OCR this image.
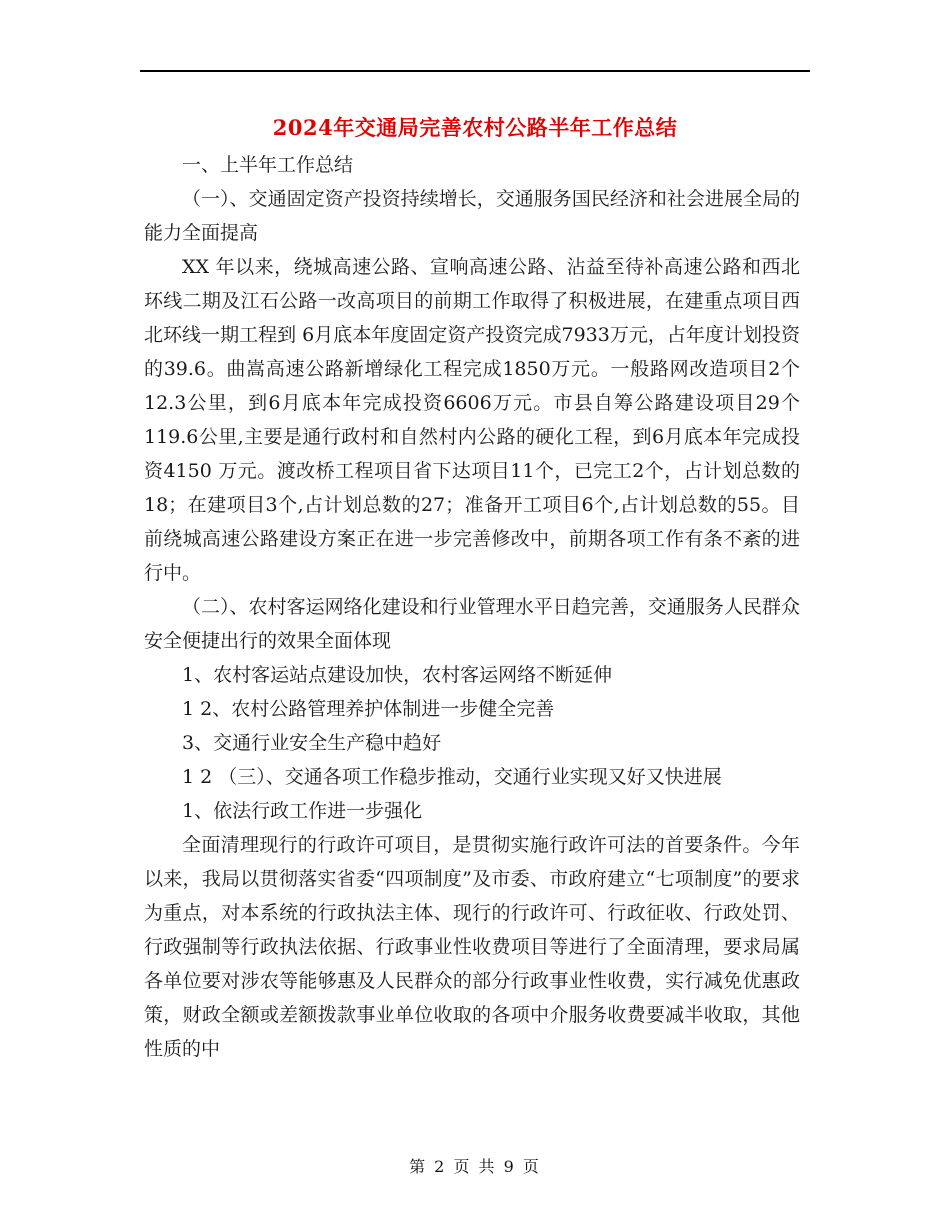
2024年交通局完善农村公路半年工作总结

一、上半年工作总结

（一）、交通固定资产投资持续增长，交通服务国民经济和社会进展全局的能力全面提高

XX 年以来，绕城高速公路、宣响高速公路、沾益至待补高速公路和西北环线二期及江石公路一改高项目的前期工作取得了积极进展，在建重点项目西北环线一期工程到 6月底本年度固定资产投资完成7933万元，占年度计划投资的39.6。曲嵩高速公路新增绿化工程完成1850万元。一般路网改造项目2个12.3公里，到6月底本年完成投资6606万元。市县自筹公路建设项目29个119.6公里,主要是通行政村和自然村内公路的硬化工程，到6月底本年完成投资4150 万元。渡改桥工程项目省下达项目11个，已完工2个，占计划总数的18；在建项目3个,占计划总数的27；准备开工项目6个,占计划总数的55。目前绕城高速公路建设方案正在进一步完善修改中，前期各项工作有条不紊的进行中。

（二）、农村客运网络化建设和行业管理水平日趋完善，交通服务人民群众安全便捷出行的效果全面体现

1、农村客运站点建设加快，农村客运网络不断延伸

1 2、农村公路管理养护体制进一步健全完善

3、交通行业安全生产稳中趋好

1 2 （三）、交通各项工作稳步推动，交通行业实现又好又快进展

1、依法行政工作进一步强化

全面清理现行的行政许可项目，是贯彻实施行政许可法的首要条件。今年以来，我局以贯彻落实省委“四项制度”及市委、市政府建立“七项制度”的要求为重点，对本系统的行政执法主体、现行的行政许可、行政征收、行政处罚、行政强制等行政执法依据、行政事业性收费项目等进行了全面清理，要求局属各单位要对涉农等能够惠及人民群众的部分行政事业性收费，实行减免优惠政策，财政全额或差额拨款事业单位收取的各项中介服务收费要减半收取，其他性质的中

第 2 页 共 9 页
